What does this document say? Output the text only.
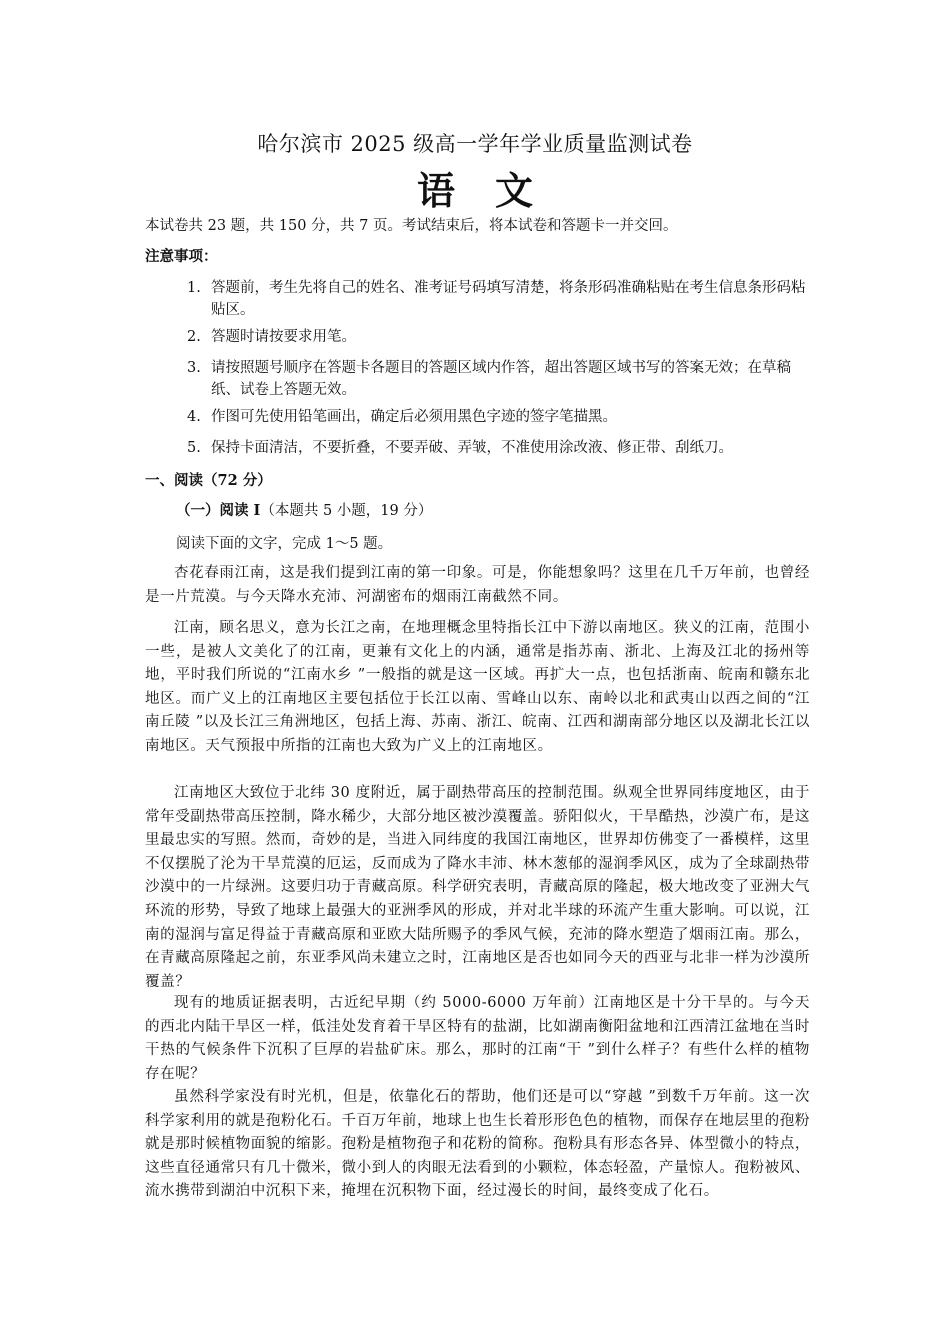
哈尔滨市 2025 级高一学年学业质量监测试卷
语文
本试卷共 23 题，共 150 分，共 7 页。考试结束后，将本试卷和答题卡一并交回。
注意事项：
1. 答题前，考生先将自己的姓名、准考证号码填写清楚，将条形码准确粘贴在考生信息条形码粘贴区。
2. 答题时请按要求用笔。
3. 请按照题号顺序在答题卡各题目的答题区域内作答，超出答题区域书写的答案无效；在草稿纸、试卷上答题无效。
4. 作图可先使用铅笔画出，确定后必须用黑色字迹的签字笔描黑。
5. 保持卡面清洁，不要折叠，不要弄破、弄皱，不准使用涂改液、修正带、刮纸刀。
一、阅读（72 分）
（一）阅读 Ⅰ（本题共 5 小题，19 分）
阅读下面的文字，完成 1～5 题。

杏花春雨江南，这是我们提到江南的第一印象。可是，你能想象吗？这里在几千万年前，也曾经是一片荒漠。与今天降水充沛、河湖密布的烟雨江南截然不同。

江南，顾名思义，意为长江之南，在地理概念里特指长江中下游以南地区。狭义的江南，范围小一些，是被人文美化了的江南，更兼有文化上的内涵，通常是指苏南、浙北、上海及江北的扬州等地，平时我们所说的“江南水乡 ”一般指的就是这一区域。再扩大一点，也包括浙南、皖南和赣东北地区。而广义上的江南地区主要包括位于长江以南、雪峰山以东、南岭以北和武夷山以西之间的“江南丘陵 ”以及长江三角洲地区，包括上海、苏南、浙江、皖南、江西和湖南部分地区以及湖北长江以南地区。天气预报中所指的江南也大致为广义上的江南地区。

江南地区大致位于北纬 30 度附近，属于副热带高压的控制范围。纵观全世界同纬度地区，由于常年受副热带高压控制，降水稀少，大部分地区被沙漠覆盖。骄阳似火，干旱酷热，沙漠广布，是这里最忠实的写照。然而，奇妙的是，当进入同纬度的我国江南地区，世界却仿佛变了一番模样，这里不仅摆脱了沦为干旱荒漠的厄运，反而成为了降水丰沛、林木葱郁的湿润季风区，成为了全球副热带沙漠中的一片绿洲。这要归功于青藏高原。科学研究表明，青藏高原的隆起，极大地改变了亚洲大气环流的形势，导致了地球上最强大的亚洲季风的形成，并对北半球的环流产生重大影响。可以说，江南的湿润与富足得益于青藏高原和亚欧大陆所赐予的季风气候，充沛的降水塑造了烟雨江南。那么，在青藏高原隆起之前，东亚季风尚未建立之时，江南地区是否也如同今天的西亚与北非一样为沙漠所覆盖？

现有的地质证据表明，古近纪早期（约 5000-6000 万年前）江南地区是十分干旱的。与今天的西北内陆干旱区一样，低洼处发育着干旱区特有的盐湖，比如湖南衡阳盆地和江西清江盆地在当时干热的气候条件下沉积了巨厚的岩盐矿床。那么，那时的江南“干 ”到什么样子？有些什么样的植物存在呢？

虽然科学家没有时光机，但是，依靠化石的帮助，他们还是可以“穿越 ”到数千万年前。这一次科学家利用的就是孢粉化石。千百万年前，地球上也生长着形形色色的植物，而保存在地层里的孢粉就是那时候植物面貌的缩影。孢粉是植物孢子和花粉的简称。孢粉具有形态各异、体型微小的特点，这些直径通常只有几十微米，微小到人的肉眼无法看到的小颗粒，体态轻盈，产量惊人。孢粉被风、流水携带到湖泊中沉积下来，掩埋在沉积物下面，经过漫长的时间，最终变成了化石。
